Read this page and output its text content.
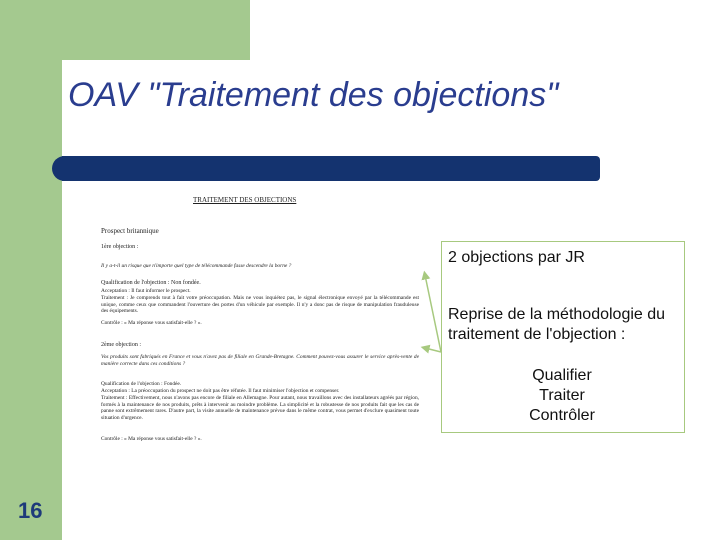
OAV "Traitement des objections"
TRAITEMENT DES OBJECTIONS
Prospect britannique
1ère objection :
Il y a-t-il un risque que n'importe quel type de télécommande fasse descendre la borne ?
Qualification de l'objection : Non fondée.
Acceptation : Il faut informer le prospect.
Traitement : Je comprends tout à fait votre préoccupation. Mais ne vous inquiétez pas, le signal électronique envoyé par la télécommande est unique, comme ceux que commandent l'ouverture des portes d'un véhicule par exemple. Il n'y a donc pas de risque de manipulation frauduleuse des équipements.
Contrôle : « Ma réponse vous satisfait-elle ? ».
2ème objection :
Vos produits sont fabriqués en France et vous n'avez pas de filiale en Grande-Bretagne. Comment pouvez-vous assurer le service après-vente de manière correcte dans ces conditions ?
Qualification de l'objection : Fondée.
Acceptation : La préoccupation du prospect ne doit pas être réfutée. Il faut minimiser l'objection et compenser.
Traitement : Effectivement, nous n'avons pas encore de filiale en Allemagne. Pour autant, nous travaillons avec des installateurs agréés par région, formés à la maintenance de nos produits, prêts à intervenir au moindre problème. La simplicité et la robustesse de nos produits fait que les cas de panne sont extrêmement rares. D'autre part, la visite annuelle de maintenance prévue dans le même contrat, vous permet d'exclure quasiment toute situation d'urgence.
Contrôle : « Ma réponse vous satisfait-elle ? ».
2 objections par JR
Reprise de la méthodologie du traitement de l'objection :
Qualifier
Traiter
Contrôler
16
